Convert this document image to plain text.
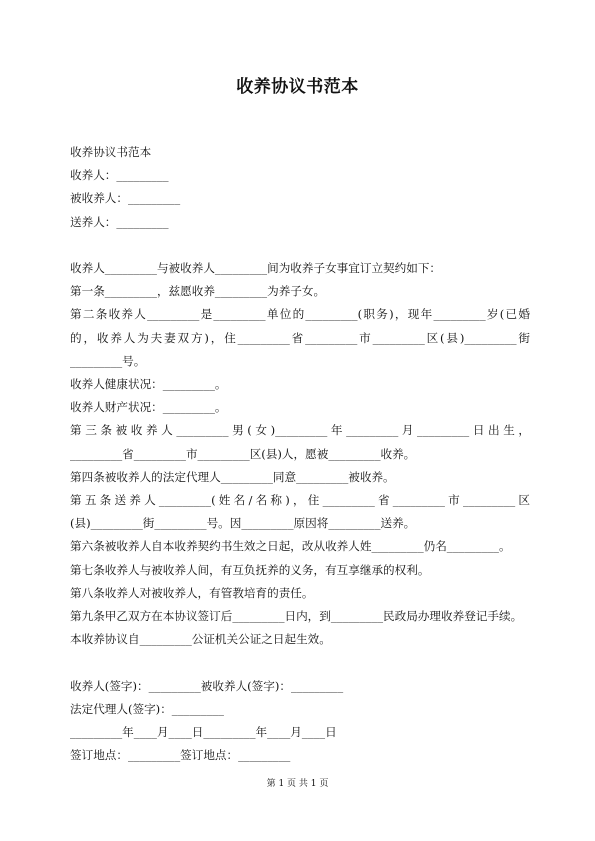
收养协议书范本
收养协议书范本
收养人：_________
被收养人：_________
送养人：_________
收养人_________与被收养人_________间为收养子女事宜订立契约如下：
第一条_________，兹愿收养_________为养子女。
第二条收养人_________是_________单位的_________(职务)，现年_________岁(已婚
的，收养人为夫妻双方)，住_________省_________市_________区(县)_________街
_________号。
收养人健康状况：_________。
收养人财产状况：_________。
第三条被收养人_________男(女)_________年_________月_________日出生，
_________省_________市_________区(县)人，愿被_________收养。
第四条被收养人的法定代理人_________同意_________被收养。
第五条送养人_________(姓名/名称)，住_________省_________市_________区
(县)_________街_________号。因_________原因将_________送养。
第六条被收养人自本收养契约书生效之日起，改从收养人姓_________仍名_________。
第七条收养人与被收养人间，有互负抚养的义务，有互享继承的权利。
第八条收养人对被收养人，有管教培育的责任。
第九条甲乙双方在本协议签订后_________日内，到_________民政局办理收养登记手续。
本收养协议自_________公证机关公证之日起生效。
收养人(签字)：_________被收养人(签字)：_________
法定代理人(签字)：_________
_________年____月____日_________年____月____日
签订地点：_________签订地点：_________
第 1 页 共 1 页
